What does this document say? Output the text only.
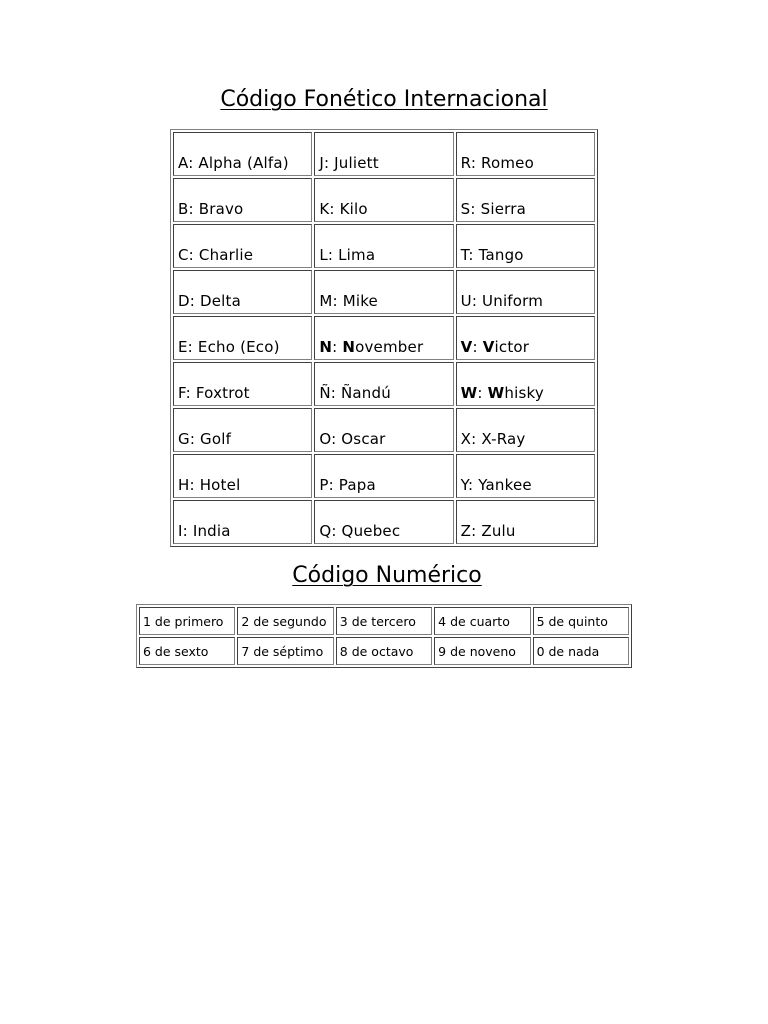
Código Fonético Internacional
A: Alpha (Alfa)	J: Juliett	R: Romeo
B: Bravo	K: Kilo	S: Sierra
C: Charlie	L: Lima	T: Tango
D: Delta	M: Mike	U: Uniform
E: Echo (Eco)	N: November	V: Victor
F: Foxtrot	Ñ: Ñandú	W: Whisky
G: Golf	O: Oscar	X: X-Ray
H: Hotel	P: Papa	Y: Yankee
I: India	Q: Quebec	Z: Zulu
Código Numérico
1 de primero	2 de segundo	3 de tercero	4 de cuarto	5 de quinto
6 de sexto	7 de séptimo	8 de octavo	9 de noveno	0 de nada
